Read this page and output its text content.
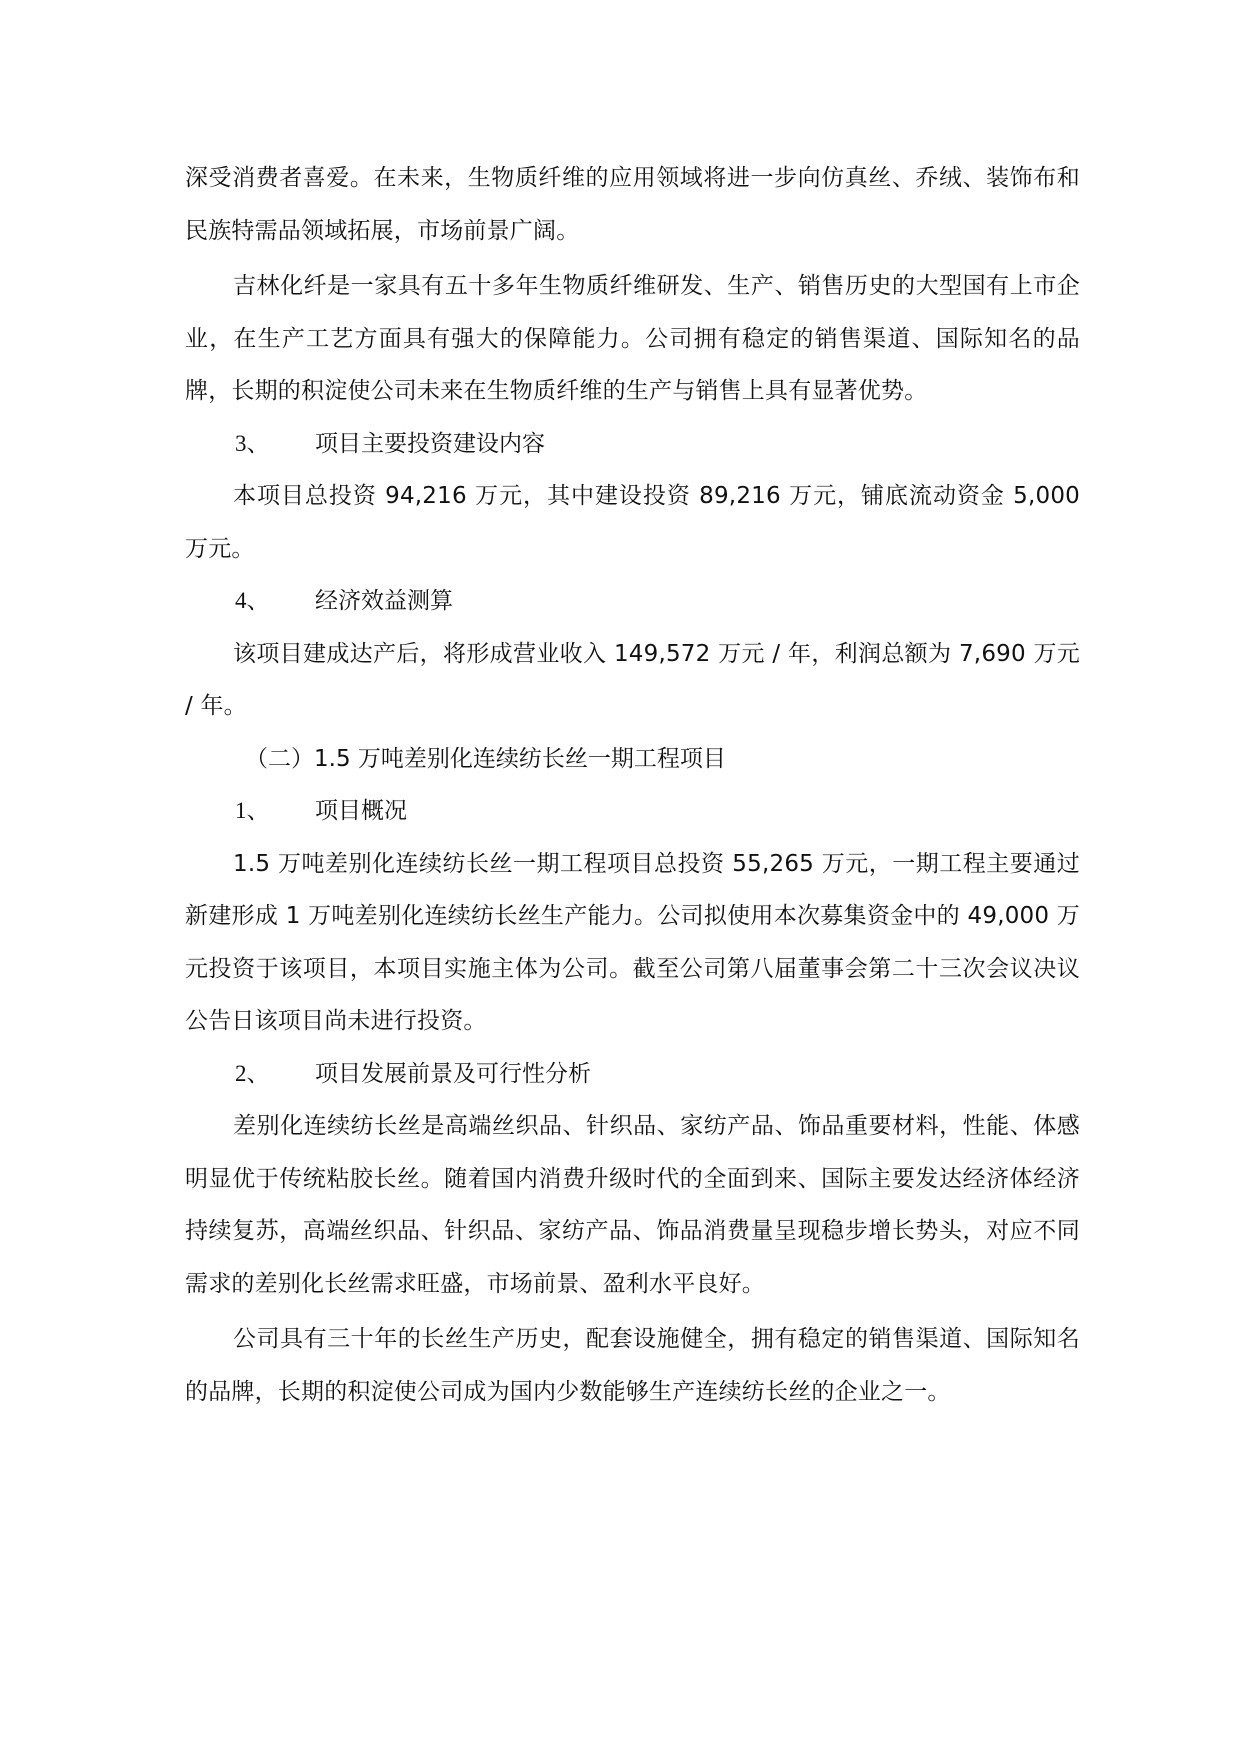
深受消费者喜爱。在未来，生物质纤维的应用领域将进一步向仿真丝、乔绒、装饰布和民族特需品领域拓展，市场前景广阔。

吉林化纤是一家具有五十多年生物质纤维研发、生产、销售历史的大型国有上市企业，在生产工艺方面具有强大的保障能力。公司拥有稳定的销售渠道、国际知名的品牌，长期的积淀使公司未来在生物质纤维的生产与销售上具有显著优势。

3、 项目主要投资建设内容

本项目总投资 94,216 万元，其中建设投资 89,216 万元，铺底流动资金 5,000 万元。

4、 经济效益测算

该项目建成达产后，将形成营业收入 149,572 万元 / 年，利润总额为 7,690 万元 / 年。

（二）1.5 万吨差别化连续纺长丝一期工程项目

1、 项目概况

1.5 万吨差别化连续纺长丝一期工程项目总投资 55,265 万元，一期工程主要通过新建形成 1 万吨差别化连续纺长丝生产能力。公司拟使用本次募集资金中的 49,000 万元投资于该项目，本项目实施主体为公司。截至公司第八届董事会第二十三次会议决议公告日该项目尚未进行投资。

2、 项目发展前景及可行性分析

差别化连续纺长丝是高端丝织品、针织品、家纺产品、饰品重要材料，性能、体感明显优于传统粘胶长丝。随着国内消费升级时代的全面到来、国际主要发达经济体经济持续复苏，高端丝织品、针织品、家纺产品、饰品消费量呈现稳步增长势头，对应不同需求的差别化长丝需求旺盛，市场前景、盈利水平良好。

公司具有三十年的长丝生产历史，配套设施健全，拥有稳定的销售渠道、国际知名的品牌，长期的积淀使公司成为国内少数能够生产连续纺长丝的企业之一。
